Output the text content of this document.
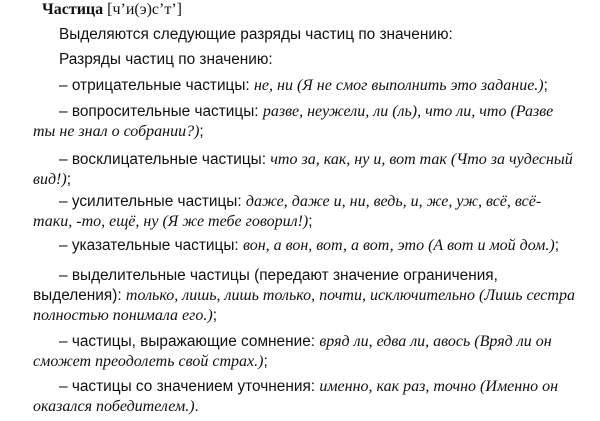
Частица [ч’и(э)с’т’]
Выделяются следующие разряды частиц по значению:
Разряды частиц по значению:
– отрицательные частицы: не, ни (Я не смог выполнить это задание.);
– вопросительные частицы: разве, неужели, ли (ль), что ли, что (Разве ты не знал о собрании?);
– восклицательные частицы: что за, как, ну и, вот так (Что за чудесный вид!);
– усилительные частицы: даже, даже и, ни, ведь, и, же, уж, всё, всё-таки, -то, ещё, ну (Я же тебе говорил!);
– указательные частицы: вон, а вон, вот, а вот, это (А вот и мой дом.);
– выделительные частицы (передают значение ограничения, выделения): только, лишь, лишь только, почти, исключительно (Лишь сестра полностью понимала его.);
– частицы, выражающие сомнение: вряд ли, едва ли, авось (Вряд ли он сможет преодолеть свой страх.);
– частицы со значением уточнения: именно, как раз, точно (Именно он оказался победителем.).
